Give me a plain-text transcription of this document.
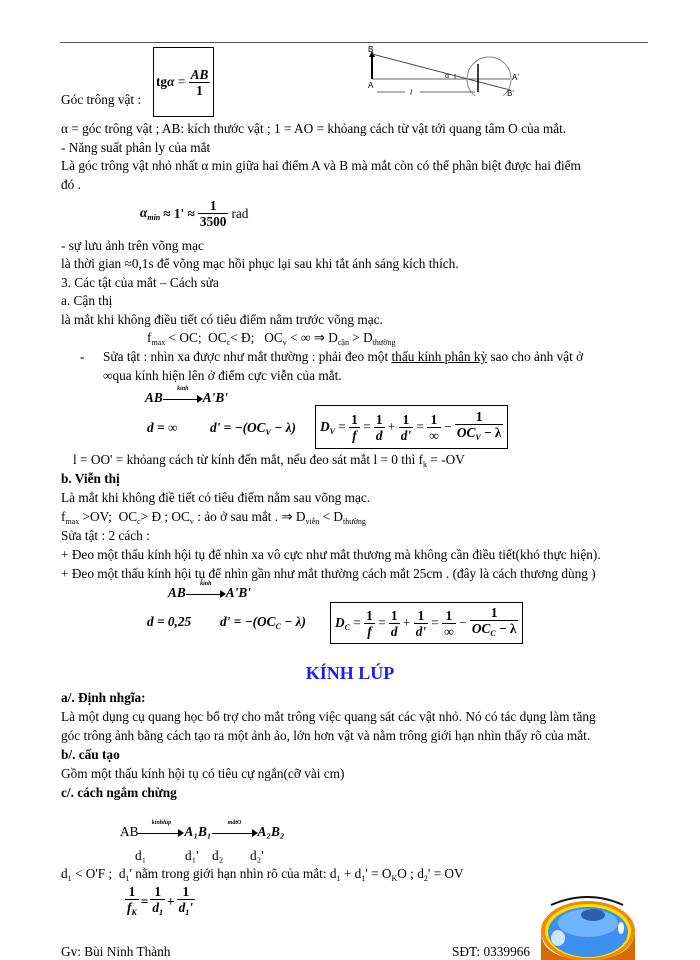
Góc trông vật :
tg $\alpha = \frac{AB}{1}$
B
A
α	A'
B'
l
α = góc trông vật ; AB: kích thước vật ; 1 = AO = khỏang cách từ vật tới quang tâm O của mắt.
- Năng suất phân ly của mắt
Là góc trông vật nhỏ nhất α min giữa hai điểm A và B mà mắt còn có thể phân biệt được hai điểm
đó .
$\alpha_{min} \approx 1' \approx \frac{1}{3500}$ rad
- sự lưu ảnh trên võng mạc
là thời gian ≈0,1s để võng mạc hồi phục lại sau khi tắt ánh sáng kích thích.
3. Các tật của mắt – Cách sửa
a. Cận thị
là mắt khi không điều tiết có tiêu điểm nằm trước võng mạc.
$f_{max}$ < OC;  $OC_c<$ Đ;   $OC_v$ < ∞ ⇒ $D_{cận} > D_{thường}$
- Sửa tật : nhìn xa được như mắt thường : phải đeo một thấu kính phân kỳ sao cho ảnh vật ở
∞qua kính hiện lên ở điểm cực viễn của mắt.
AB
kính
A'B'
d = ∞ $d' = -(OC_V - \lambda) D_V = \frac{1}{f} = \frac{1}{d} + \frac{1}{d'} = \frac{1}{\infty} - \frac{1}{OC_V - \lambda}$
l = OO' = khỏang cách từ kính đến mắt, nếu đeo sát mắt l = 0 thì $f_k = -OV$
b. Viễn thị
Là mắt khi không điề tiết có tiêu điểm nằm sau võng mạc.
$f_{max} >OV$;  $OC_c>$ Đ ; $OC_v$ : ảo ở sau mắt . ⇒ $D_{viễn} < D_{thường}$
Sửa tật : 2 cách :
+ Đeo một thấu kính hội tụ để nhìn xa vô cực như mắt thương mà không cần điều tiết(khó thực hiện).
+ Đeo một thấu kính hội tụ để nhìn gần như mắt thường cách mắt 25cm . (đây là cách thương dùng )
AB
kính
A'B'
d = 0,25 $d' = -(OC_C - \lambda) D_C = \frac{1}{f} = \frac{1}{d} + \frac{1}{d'} = \frac{1}{\infty} - \frac{1}{OC_C - \lambda}$
KÍNH LÚP
a/. Định nhgĩa:
Là một dụng cụ quang học bổ trợ cho mắt trông việc quang sát các vật nhỏ. Nó có tác dụng làm tăng
góc trông ảnh bằng cách tạo ra một ảnh ảo, lớn hơn vật và nằm trông giới hạn nhìn thấy rõ của mắt.
b/. cấu tạo
Gồm một thấu kính hội tụ có tiêu cự ngắn(cỡ vài cm)
c/. cách ngắm chừng
AB
kínhlúp
A₁B₁
mắtO
A₂B₂
d₁	d₁' d₂ d₂'
$d_1 < O'F$ ;  $d_1'$ nằm trong giới hạn nhìn rõ của mắt: $d_1 + d_1' = O_KO$ ; $d_2'$ = OV
$\frac{1}{f_K} = \frac{1}{d_1} + \frac{1}{d_1'}$
Gv: Bùi Ninh Thành	SĐT: 0339966
